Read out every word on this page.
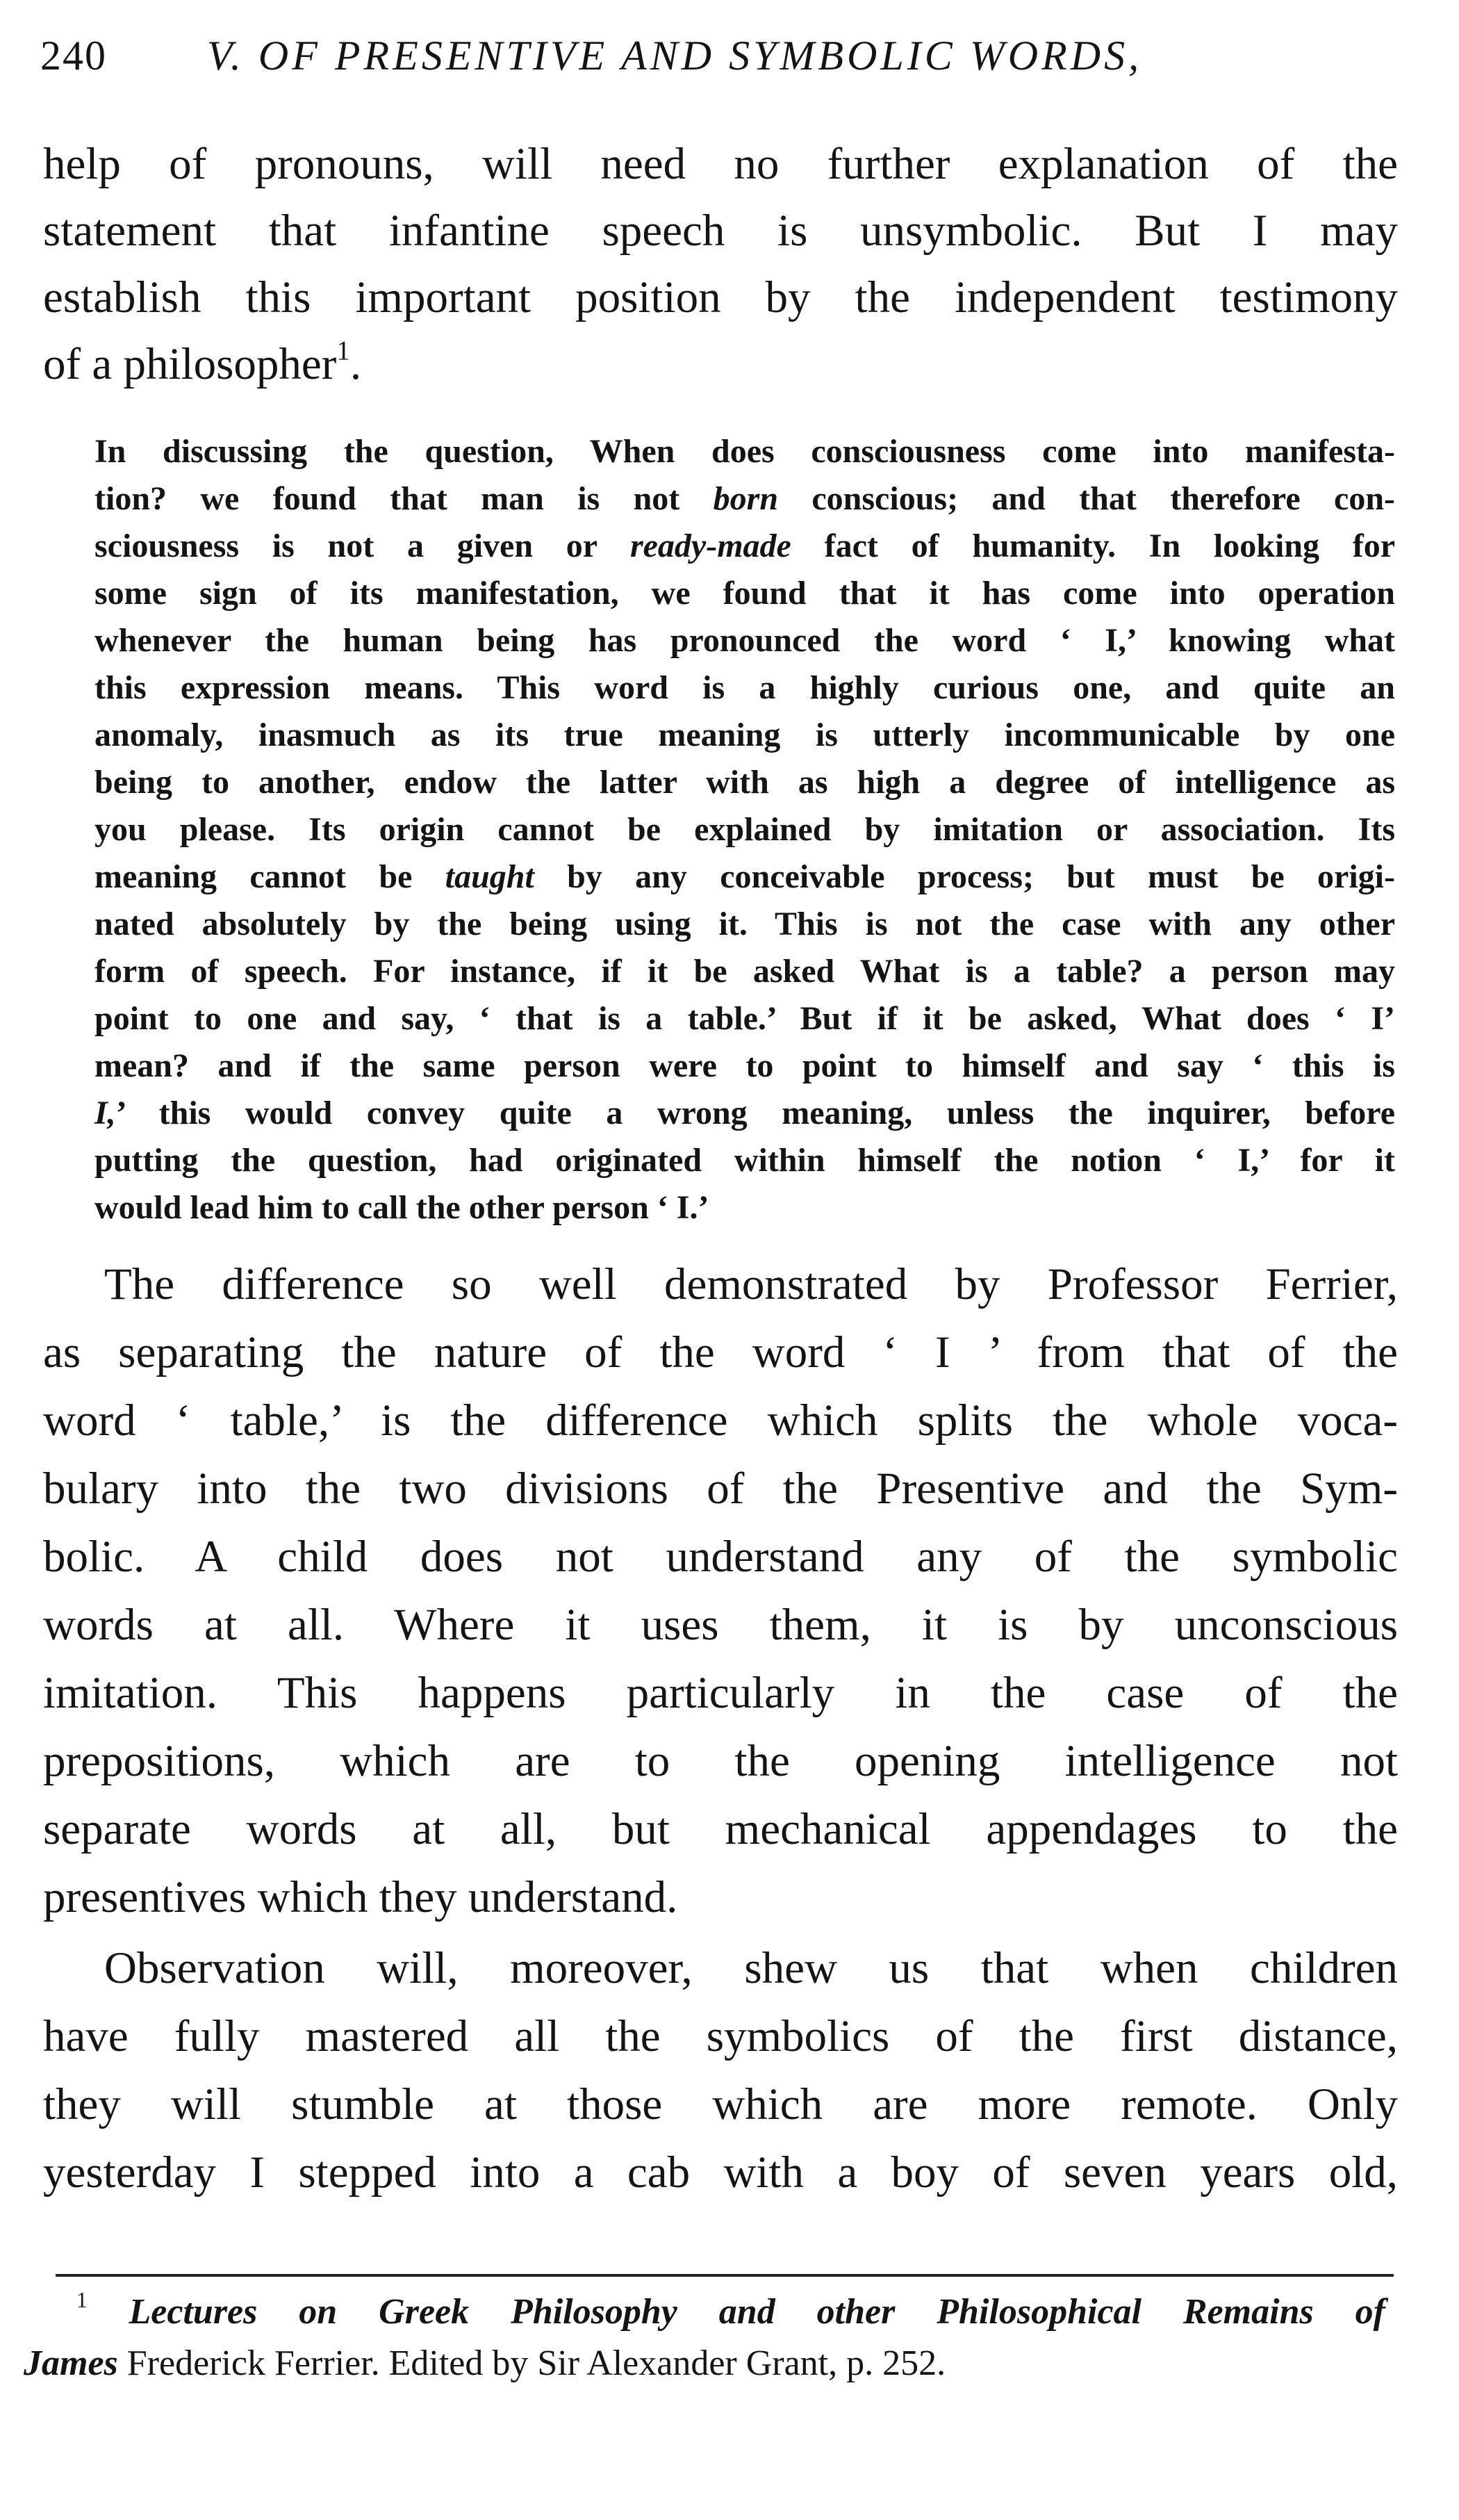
240 V. OF PRESENTIVE AND SYMBOLIC WORDS,
help of pronouns, will need no further explanation of the
statement that infantine speech is unsymbolic. But I may
establish this important position by the independent testimony
of a philosopher$^1$.
In discussing the question, When does consciousness come into manifesta-
tion? we found that man is not born conscious; and that therefore con-
sciousness is not a given or ready-made fact of humanity. In looking for
some sign of its manifestation, we found that it has come into operation
whenever the human being has pronounced the word ‘ I,’ knowing what
this expression means. This word is a highly curious one, and quite an
anomaly, inasmuch as its true meaning is utterly incommunicable by one
being to another, endow the latter with as high a degree of intelligence as
you please. Its origin cannot be explained by imitation or association. Its
meaning cannot be taught by any conceivable process; but must be origi-
nated absolutely by the being using it. This is not the case with any other
form of speech. For instance, if it be asked What is a table? a person may
point to one and say, ‘ that is a table.’ But if it be asked, What does ‘ I’
mean? and if the same person were to point to himself and say ‘ this is
I,’ this would convey quite a wrong meaning, unless the inquirer, before
putting the question, had originated within himself the notion ‘ I,’ for it
would lead him to call the other person ‘ I.’
The difference so well demonstrated by Professor Ferrier,
as separating the nature of the word ‘ I ’ from that of the
word ‘ table,’ is the difference which splits the whole voca-
bulary into the two divisions of the Presentive and the Sym-
bolic. A child does not understand any of the symbolic
words at all. Where it uses them, it is by unconscious
imitation. This happens particularly in the case of the
prepositions, which are to the opening intelligence not
separate words at all, but mechanical appendages to the
presentives which they understand.
Observation will, moreover, shew us that when children
have fully mastered all the symbolics of the first distance,
they will stumble at those which are more remote. Only
yesterday I stepped into a cab with a boy of seven years old,
$^1$ Lectures on Greek Philosophy and other Philosophical Remains of
James Frederick Ferrier. Edited by Sir Alexander Grant, p. 252.
